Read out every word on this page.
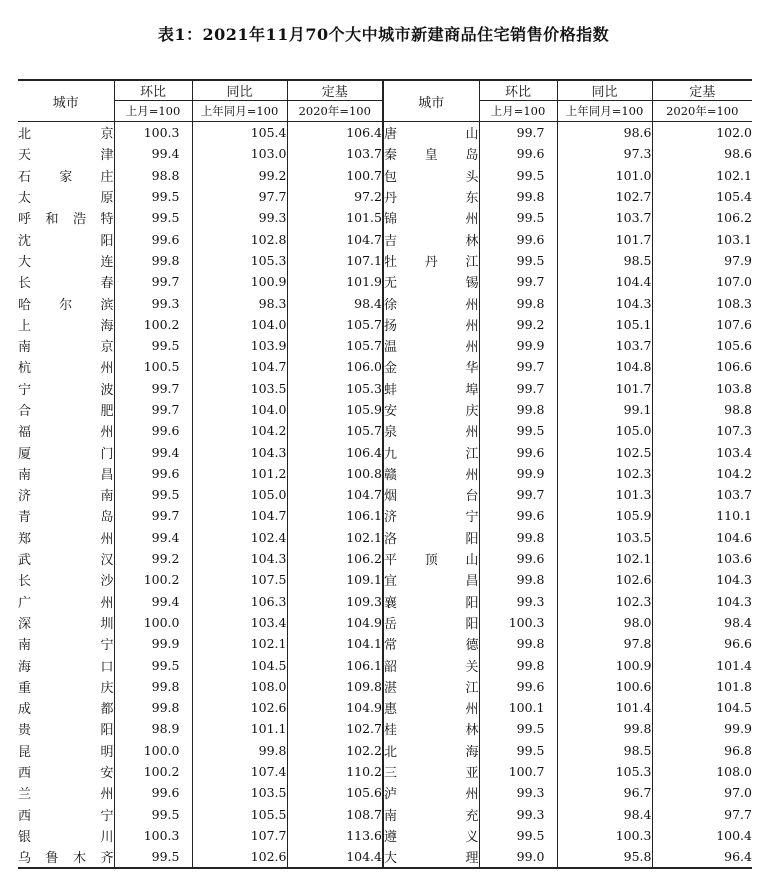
表1：2021年11月70个大中城市新建商品住宅销售价格指数
城市	环比	同比	定基	城市	环比	同比	定基
	上月=100	上年同月=100	2020年=100		上月=100	上年同月=100	2020年=100
北京	100.3	105.4	106.4	唐山	99.7	98.6	102.0
天津	99.4	103.0	103.7	秦皇岛	99.6	97.3	98.6
石家庄	98.8	99.2	100.7	包头	99.5	101.0	102.1
太原	99.5	97.7	97.2	丹东	99.8	102.7	105.4
呼和浩特	99.5	99.3	101.5	锦州	99.5	103.7	106.2
沈阳	99.6	102.8	104.7	吉林	99.6	101.7	103.1
大连	99.8	105.3	107.1	牡丹江	99.5	98.5	97.9
长春	99.7	100.9	101.9	无锡	99.7	104.4	107.0
哈尔滨	99.3	98.3	98.4	徐州	99.8	104.3	108.3
上海	100.2	104.0	105.7	扬州	99.2	105.1	107.6
南京	99.5	103.9	105.7	温州	99.9	103.7	105.6
杭州	100.5	104.7	106.0	金华	99.7	104.8	106.6
宁波	99.7	103.5	105.3	蚌埠	99.7	101.7	103.8
合肥	99.7	104.0	105.9	安庆	99.8	99.1	98.8
福州	99.6	104.2	105.7	泉州	99.5	105.0	107.3
厦门	99.4	104.3	106.4	九江	99.6	102.5	103.4
南昌	99.6	101.2	100.8	赣州	99.9	102.3	104.2
济南	99.5	105.0	104.7	烟台	99.7	101.3	103.7
青岛	99.7	104.7	106.1	济宁	99.6	105.9	110.1
郑州	99.4	102.4	102.1	洛阳	99.8	103.5	104.6
武汉	99.2	104.3	106.2	平顶山	99.6	102.1	103.6
长沙	100.2	107.5	109.1	宜昌	99.8	102.6	104.3
广州	99.4	106.3	109.3	襄阳	99.3	102.3	104.3
深圳	100.0	103.4	104.9	岳阳	100.3	98.0	98.4
南宁	99.9	102.1	104.1	常德	99.8	97.8	96.6
海口	99.5	104.5	106.1	韶关	99.8	100.9	101.4
重庆	99.8	108.0	109.8	湛江	99.6	100.6	101.8
成都	99.8	102.6	104.9	惠州	100.1	101.4	104.5
贵阳	98.9	101.1	102.7	桂林	99.5	99.8	99.9
昆明	100.0	99.8	102.2	北海	99.5	98.5	96.8
西安	100.2	107.4	110.2	三亚	100.7	105.3	108.0
兰州	99.6	103.5	105.6	泸州	99.3	96.7	97.0
西宁	99.5	105.5	108.7	南充	99.3	98.4	97.7
银川	100.3	107.7	113.6	遵义	99.5	100.3	100.4
乌鲁木齐	99.5	102.6	104.4	大理	99.0	95.8	96.4
